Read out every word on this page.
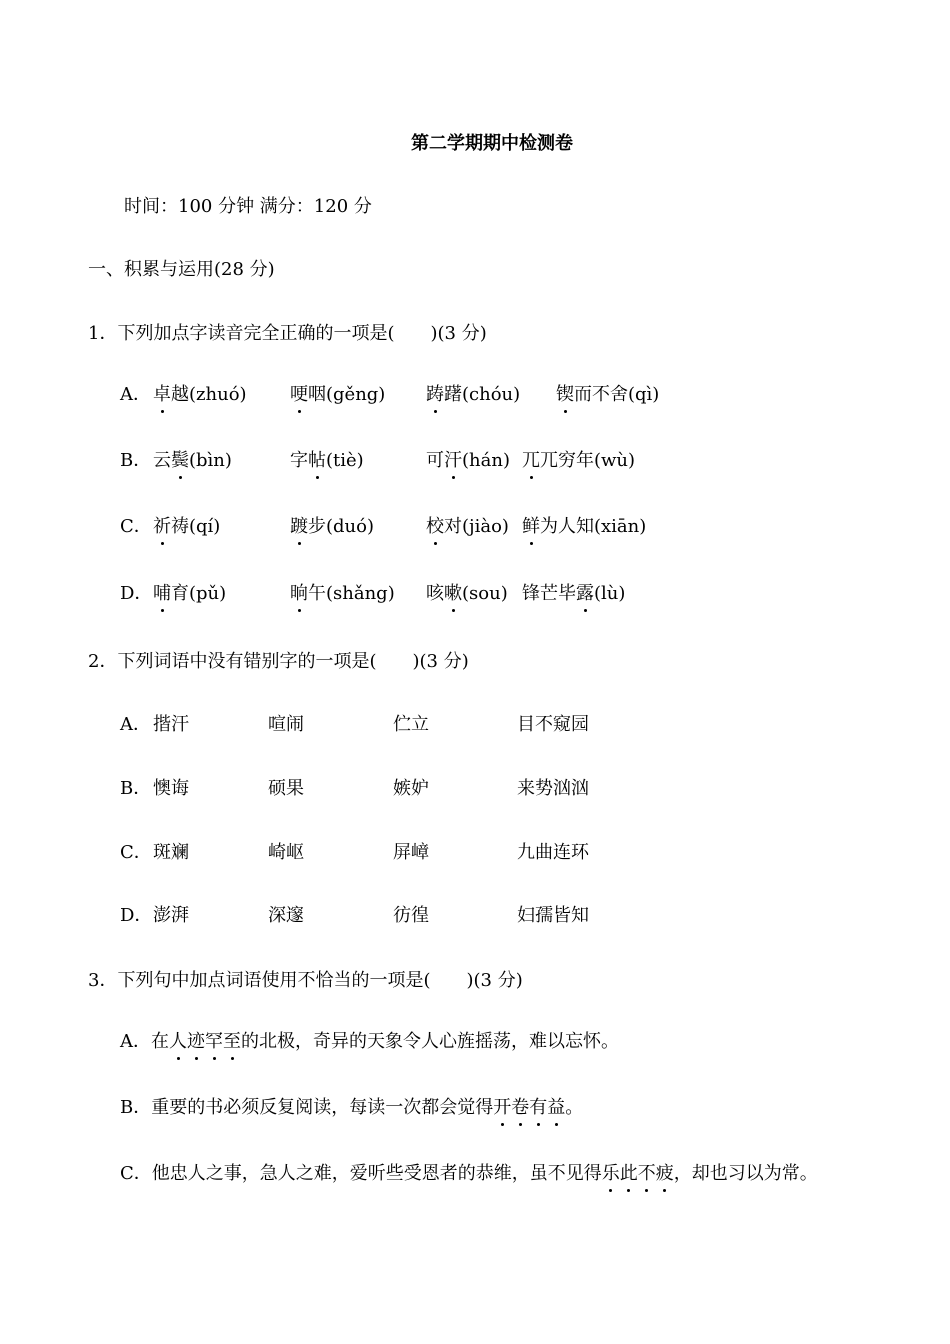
第二学期期中检测卷
时间：100 分钟 满分：120 分
一、积累与运用(28 分)
1．下列加点字读音完全正确的一项是(　　)(3 分)
A． 卓越(zhuó) 哽咽(gěng) 踌躇(chóu) 锲而不舍(qì)
B． 云鬓(bìn)	字帖(tiè)	可汗(hán) 兀兀穷年(wù)
C． 祈祷(qí)	踱步(duó)	校对(jiào) 鲜为人知(xiān)
D． 哺育(pǔ)	晌午(shǎng) 咳嗽(sou) 锋芒毕露(lù)
2．下列词语中没有错别字的一项是(　　)(3 分)
A． 揩汗	喧闹	伫立	目不窥园
B． 懊诲	硕果	嫉妒	来势汹汹
C． 斑斓	崎岖	屏嶂	九曲连环
D． 澎湃	深邃	彷徨	妇孺皆知
3．下列句中加点词语使用不恰当的一项是(　　)(3 分)
A．在人迹罕至的北极，奇异的天象令人心旌摇荡，难以忘怀。
B．重要的书必须反复阅读，每读一次都会觉得开卷有益。
C．他忠人之事，急人之难，爱听些受恩者的恭维，虽不见得乐此不疲，却也习以为常。
